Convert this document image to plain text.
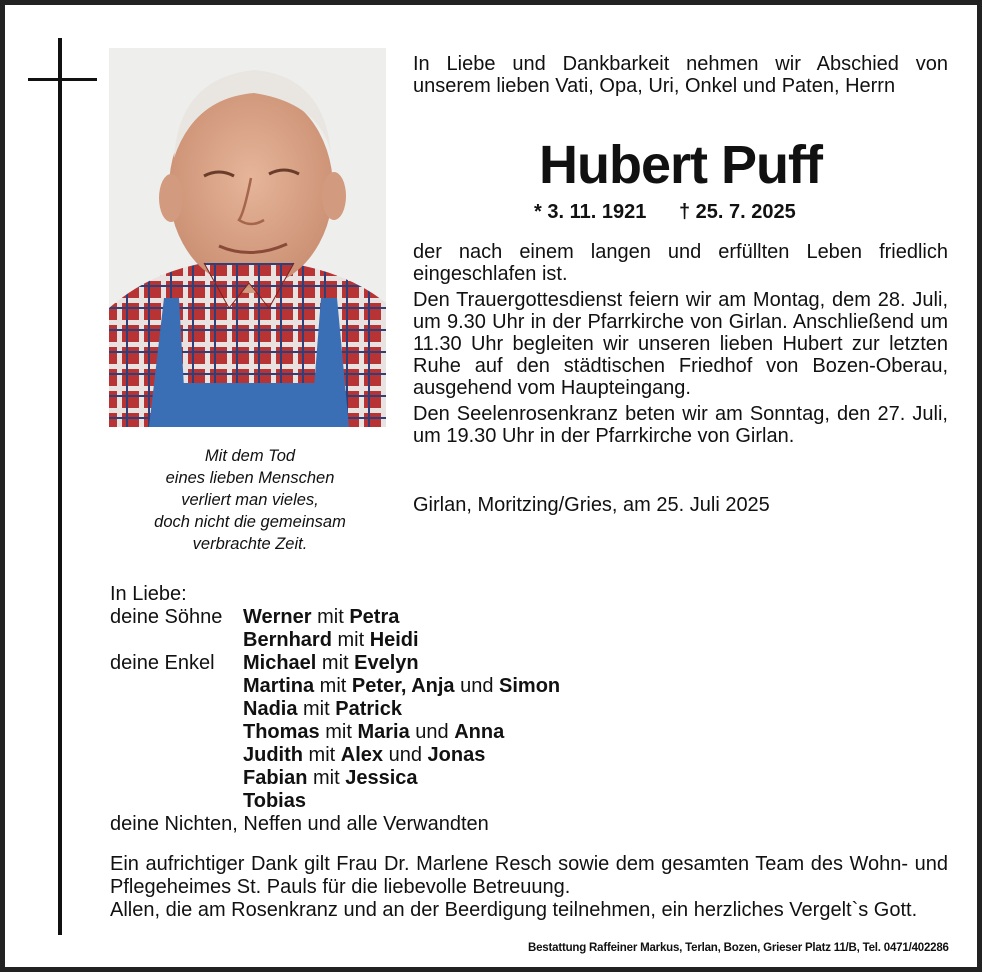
Mit dem Tod
eines lieben Menschen
verliert man vieles,
doch nicht die gemeinsam
verbrachte Zeit.
In Liebe und Dankbarkeit nehmen wir Abschied von unserem lieben Vati, Opa, Uri, Onkel und Paten, Herrn
Hubert Puff
* 3. 11. 1921 † 25. 7. 2025

der nach einem langen und erfüllten Leben friedlich eingeschlafen ist.

Den Trauergottesdienst feiern wir am Montag, dem 28. Juli, um 9.30 Uhr in der Pfarrkirche von Girlan. Anschließend um 11.30 Uhr begleiten wir unseren lieben Hubert zur letzten Ruhe auf den städtischen Friedhof von Bozen-Oberau, ausgehend vom Haupteingang.

Den Seelenrosenkranz beten wir am Sonntag, den 27. Juli, um 19.30 Uhr in der Pfarrkirche von Girlan.

Girlan, Moritzing/Gries, am 25. Juli 2025
In Liebe:
deine Söhne Werner mit Petra
Bernhard mit Heidi
deine Enkel Michael mit Evelyn
Martina mit Peter, Anja und Simon
Nadia mit Patrick
Thomas mit Maria und Anna
Judith mit Alex und Jonas
Fabian mit Jessica
Tobias
deine Nichten, Neffen und alle Verwandten

Ein aufrichtiger Dank gilt Frau Dr. Marlene Resch sowie dem gesamten Team des Wohn- und Pflegeheimes St. Pauls für die liebevolle Betreuung.

Allen, die am Rosenkranz und an der Beerdigung teilnehmen, ein herzliches Vergelt`s Gott.

Bestattung Raffeiner Markus, Terlan, Bozen, Grieser Platz 11/B, Tel. 0471/402286
